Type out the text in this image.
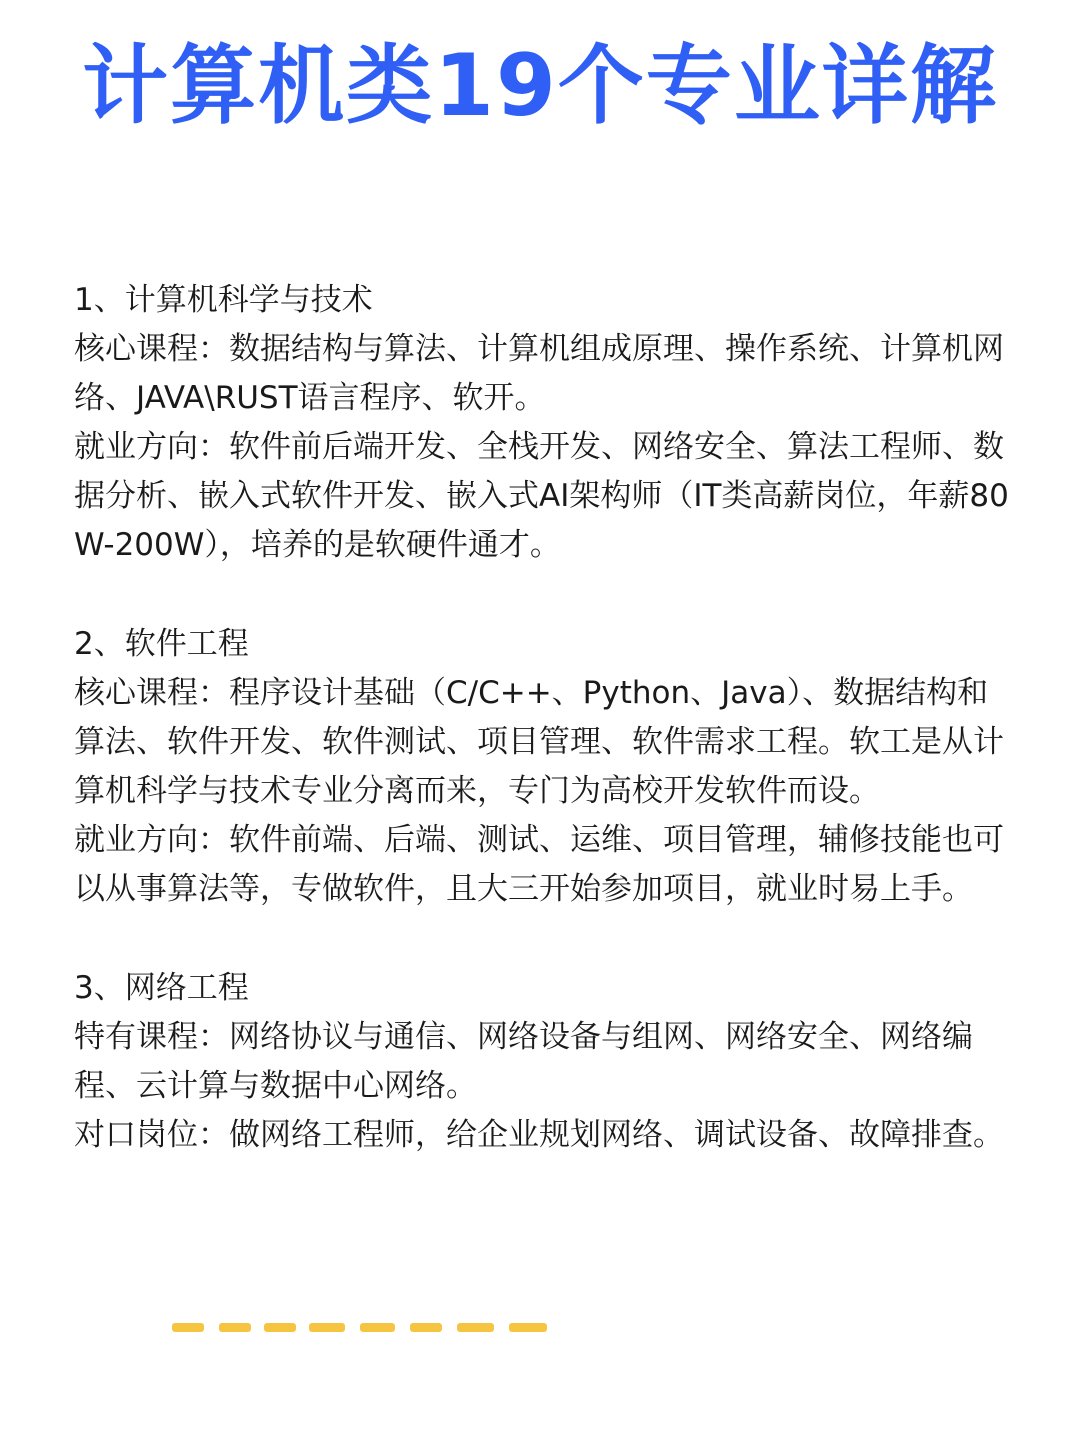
计算机类19个专业详解

1、计算机科学与技术

核心课程：数据结构与算法、计算机组成原理、操作系统、计算机网络、JAVA\RUST语言程序、软开。

就业方向：软件前后端开发、全栈开发、网络安全、算法工程师、数据分析、嵌入式软件开发、嵌入式AI架构师（IT类高薪岗位，年薪80W-200W），培养的是软硬件通才。

2、软件工程

核心课程：程序设计基础（C/C++、Python、Java）、数据结构和算法、软件开发、软件测试、项目管理、软件需求工程。软工是从计算机科学与技术专业分离而来，专门为高校开发软件而设。

就业方向：软件前端、后端、测试、运维、项目管理，辅修技能也可以从事算法等，专做软件，且大三开始参加项目，就业时易上手。

3、网络工程

特有课程：网络协议与通信、网络设备与组网、网络安全、网络编程、云计算与数据中心网络。

对口岗位：做网络工程师，给企业规划网络、调试设备、故障排查。
